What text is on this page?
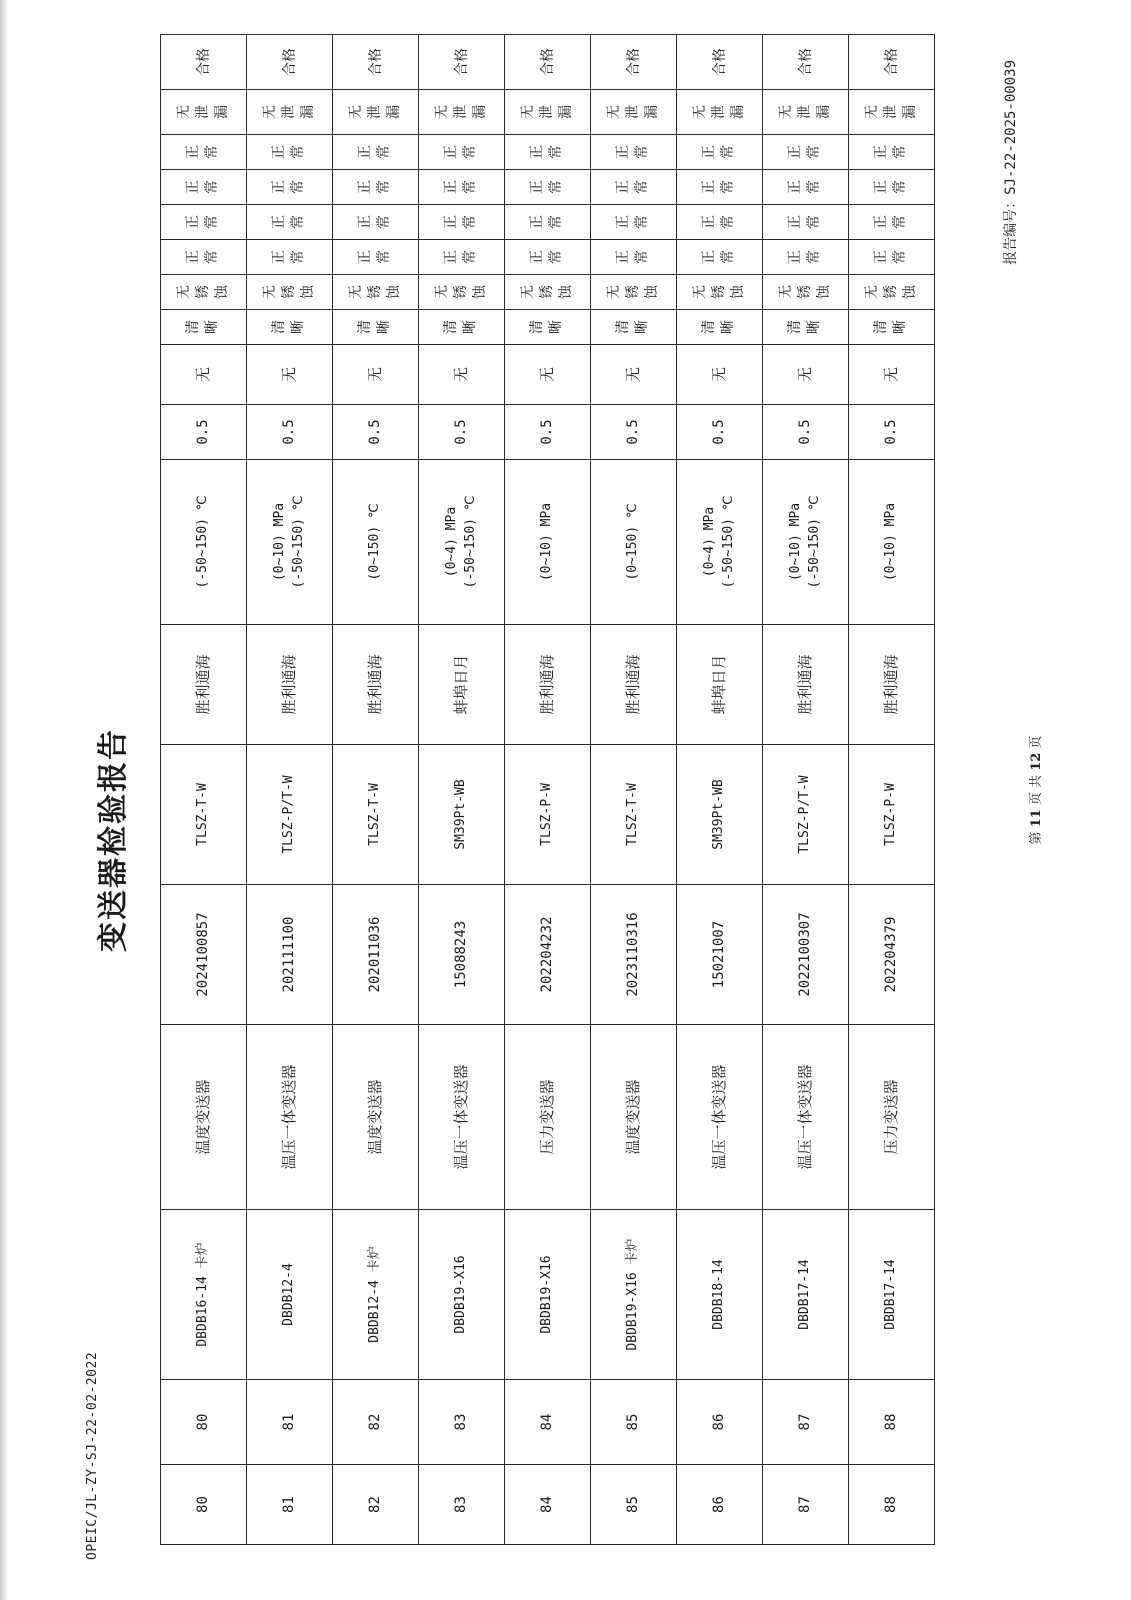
OPEIC/JL-ZY-SJ-22-02-2022
变送器检验报告
80	80	DBDB16-14 卡炉	温度变送器	2024100857	TLSZ-T-W	胜利通海	(-50~150) ℃	0.5	无	清晰	无锈蚀	正常	正常	正常	正常	无泄漏	合格
81	81	DBDB12-4	温压一体变送器	202111100	TLSZ-P/T-W	胜利通海	(0~10) MPa (-50~150) ℃	0.5	无	清晰	无锈蚀	正常	正常	正常	正常	无泄漏	合格
82	82	DBDB12-4 卡炉	温度变送器	202011036	TLSZ-T-W	胜利通海	(0~150) ℃	0.5	无	清晰	无锈蚀	正常	正常	正常	正常	无泄漏	合格
83	83	DBDB19-X16	温压一体变送器	15088243	SM39Pt-WB	蚌埠日月	(0~4) MPa (-50~150) ℃	0.5	无	清晰	无锈蚀	正常	正常	正常	正常	无泄漏	合格
84	84	DBDB19-X16	压力变送器	202204232	TLSZ-P-W	胜利通海	(0~10) MPa	0.5	无	清晰	无锈蚀	正常	正常	正常	正常	无泄漏	合格
85	85	DBDB19-X16 卡炉	温度变送器	2023110316	TLSZ-T-W	胜利通海	(0~150) ℃	0.5	无	清晰	无锈蚀	正常	正常	正常	正常	无泄漏	合格
86	86	DBDB18-14	温压一体变送器	15021007	SM39Pt-WB	蚌埠日月	(0~4) MPa (-50~150) ℃	0.5	无	清晰	无锈蚀	正常	正常	正常	正常	无泄漏	合格
87	87	DBDB17-14	温压一体变送器	2022100307	TLSZ-P/T-W	胜利通海	(0~10) MPa (-50~150) ℃	0.5	无	清晰	无锈蚀	正常	正常	正常	正常	无泄漏	合格
88	88	DBDB17-14	压力变送器	202204379	TLSZ-P-W	胜利通海	(0~10) MPa	0.5	无	清晰	无锈蚀	正常	正常	正常	正常	无泄漏	合格
报告编号：SJ-22-2025-00039
第 11 页 共 12 页
